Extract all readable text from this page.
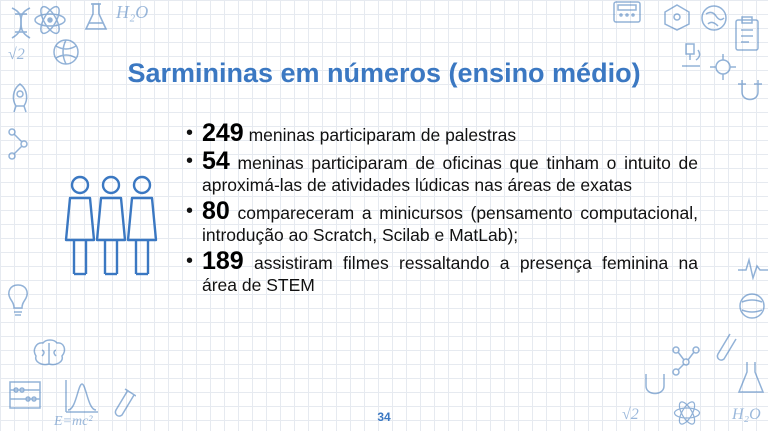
H₂O
√2
E=mc²	√2	H₂O
Sarmininas em números (ensino médio)
• 249 meninas participaram de palestras
• 54 meninas participaram de oficinas que tinham o intuito de aproximá-las de atividades lúdicas nas áreas de exatas
• 80 compareceram a minicursos (pensamento computacional, introdução ao Scratch, Scilab e MatLab);
• 189 assistiram filmes ressaltando a presença feminina na área de STEM
34
